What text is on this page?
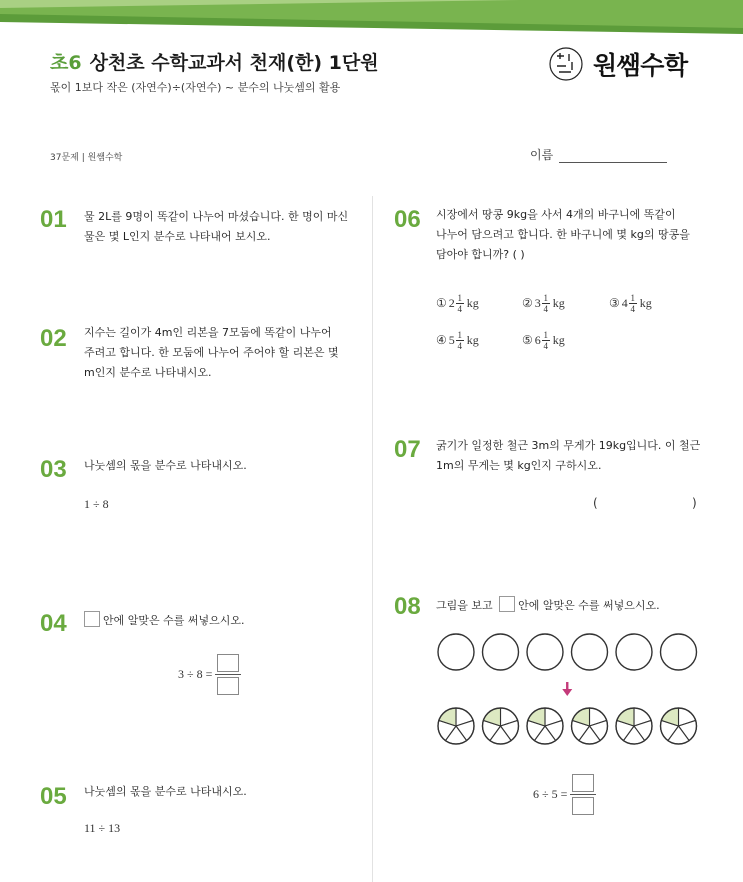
초6 상천초 수학교과서 천재(한) 1단원
몫이 1보다 작은 (자연수)÷(자연수) ~ 분수의 나눗셈의 활용
원쌤수학
37문제 | 원쌤수학	이름
01 물 2L를 9명이 똑같이 나누어 마셨습니다. 한 명이 마신
물은 몇 L인지 분수로 나타내어 보시오.
02 지수는 길이가 4m인 리본을 7모둠에 똑같이 나누어
주려고 합니다. 한 모둠에 나누어 주어야 할 리본은 몇
m인지 분수로 나타내시오.
03 나눗셈의 몫을 분수로 나타내시오.
1 ÷ 8
04	안에 알맞은 수를 써넣으시오.
3 ÷ 8 =
05 나눗셈의 몫을 분수로 나타내시오.
11 ÷ 13
06 시장에서 땅콩 9kg을 사서 4개의 바구니에 똑같이
나누어 담으려고 합니다. 한 바구니에 몇 kg의 땅콩을
담아야 합니까? ( )
① 2 1
4 kg	② 3 1
4 kg	③ 4 1
4 kg
④ 5 1
4 kg	⑤ 6 1
4 kg
07 굵기가 일정한 철근 3m의 무게가 19kg입니다. 이 철근
1m의 무게는 몇 kg인지 구하시오.
(	)
08 그림을 보고 안에 알맞은 수를 써넣으시오.
6 ÷ 5 =
